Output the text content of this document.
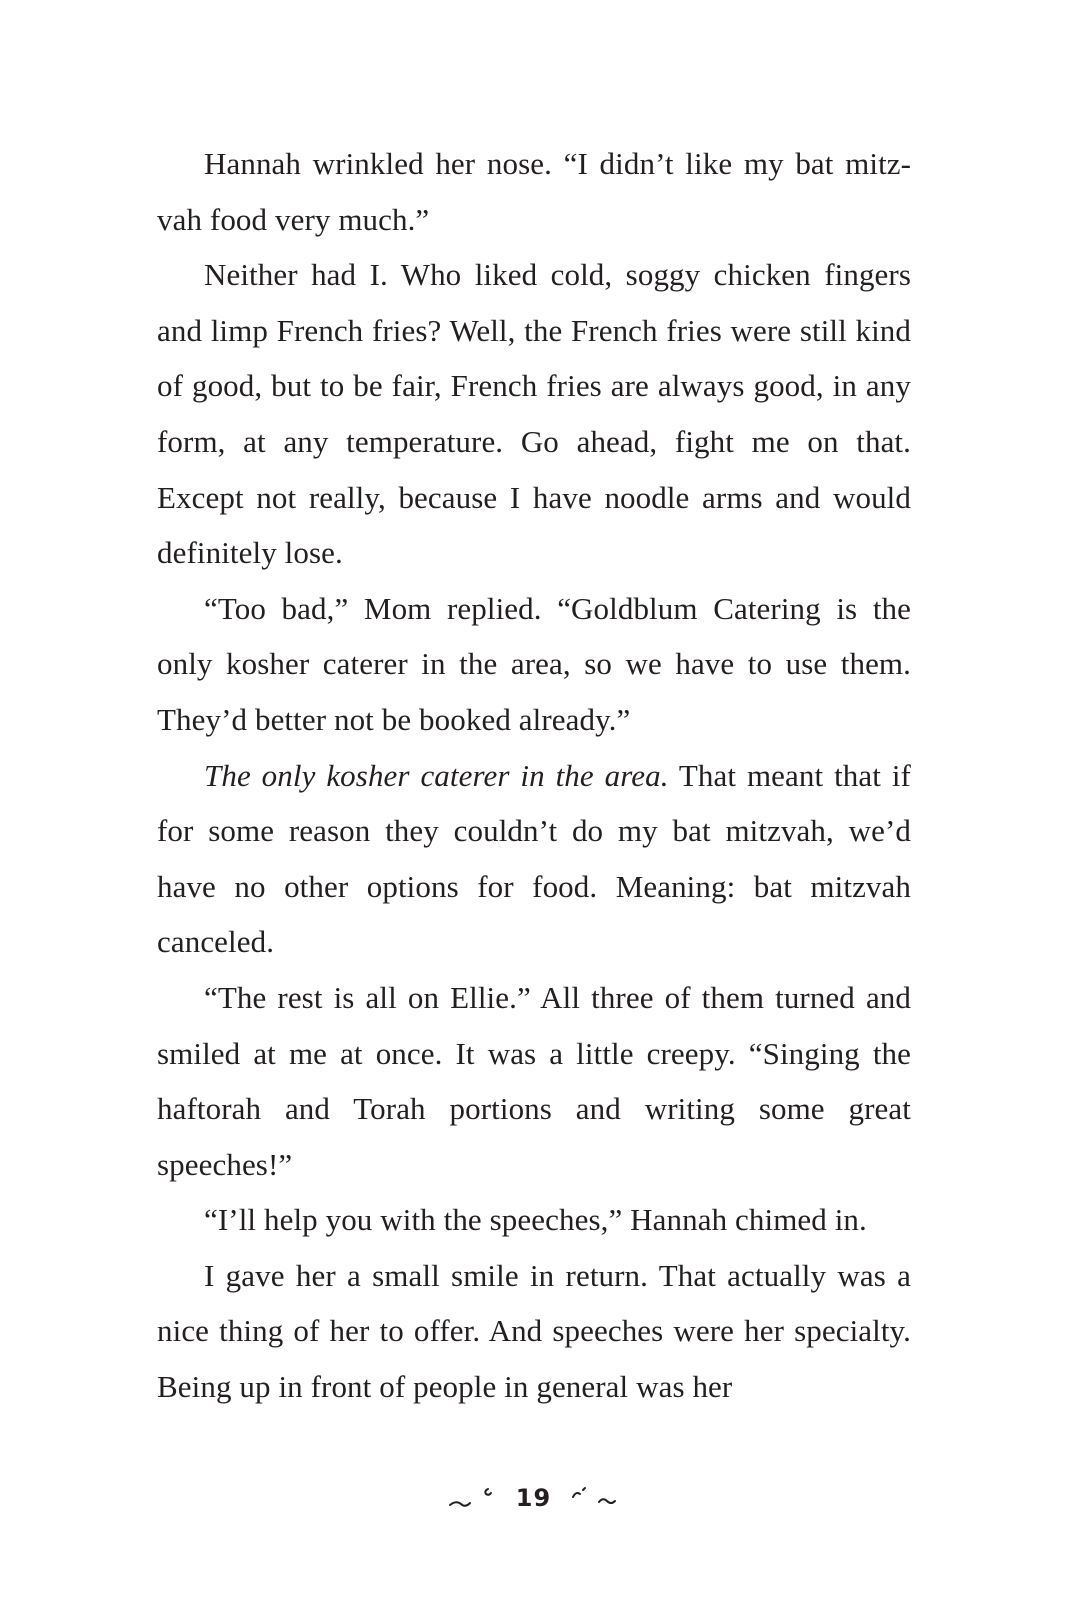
Hannah wrinkled her nose. “I didn’t like my bat mitzvah food very much.”

Neither had I. Who liked cold, soggy chicken fingers and limp French fries? Well, the French fries were still kind of good, but to be fair, French fries are always good, in any form, at any temperature. Go ahead, fight me on that. Except not really, because I have noodle arms and would definitely lose.

“Too bad,” Mom replied. “Goldblum Catering is the only kosher caterer in the area, so we have to use them. They’d better not be booked already.”

The only kosher caterer in the area. That meant that if for some reason they couldn’t do my bat mitzvah, we’d have no other options for food. Meaning: bat mitzvah canceled.

“The rest is all on Ellie.” All three of them turned and smiled at me at once. It was a little creepy. “Singing the haftorah and Torah portions and writing some great speeches!”

“I’ll help you with the speeches,” Hannah chimed in.

I gave her a small smile in return. That actually was a nice thing of her to offer. And speeches were her specialty. Being up in front of people in general was her

19
